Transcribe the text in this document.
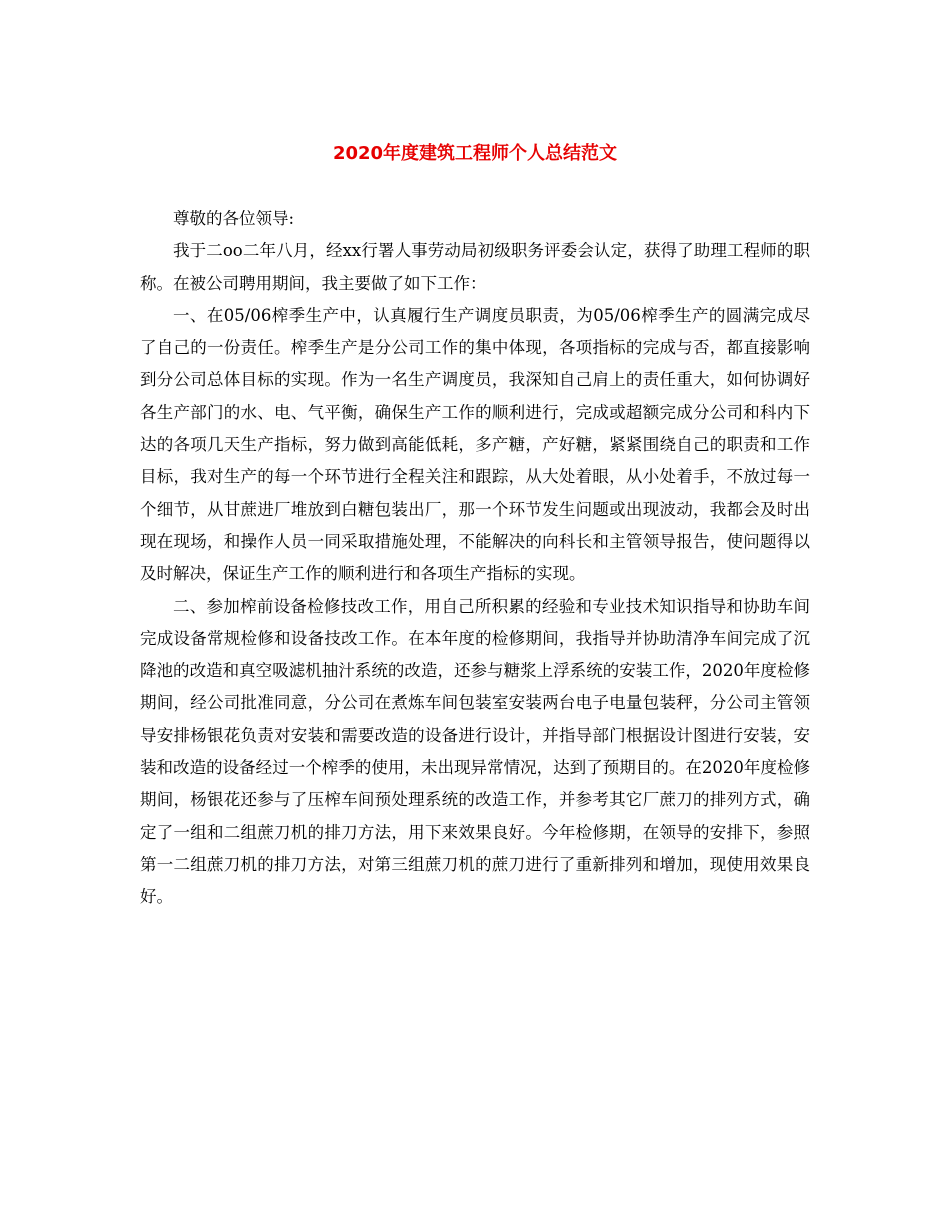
2020年度建筑工程师个人总结范文

尊敬的各位领导:

我于二oo二年八月，经xx行署人事劳动局初级职务评委会认定，获得了助理工程师的职称。在被公司聘用期间，我主要做了如下工作：

一、在05/06榨季生产中，认真履行生产调度员职责，为05/06榨季生产的圆满完成尽了自己的一份责任。榨季生产是分公司工作的集中体现，各项指标的完成与否，都直接影响到分公司总体目标的实现。作为一名生产调度员，我深知自己肩上的责任重大，如何协调好各生产部门的水、电、气平衡，确保生产工作的顺利进行，完成或超额完成分公司和科内下达的各项几天生产指标，努力做到高能低耗，多产糖，产好糖，紧紧围绕自己的职责和工作目标，我对生产的每一个环节进行全程关注和跟踪，从大处着眼，从小处着手，不放过每一个细节，从甘蔗进厂堆放到白糖包装出厂，那一个环节发生问题或出现波动，我都会及时出现在现场，和操作人员一同采取措施处理，不能解决的向科长和主管领导报告，使问题得以及时解决，保证生产工作的顺利进行和各项生产指标的实现。

二、参加榨前设备检修技改工作，用自己所积累的经验和专业技术知识指导和协助车间完成设备常规检修和设备技改工作。在本年度的检修期间，我指导并协助清净车间完成了沉降池的改造和真空吸滤机抽汁系统的改造，还参与糖浆上浮系统的安装工作，2020年度检修期间，经公司批准同意，分公司在煮炼车间包装室安装两台电子电量包装秤，分公司主管领导安排杨银花负责对安装和需要改造的设备进行设计，并指导部门根据设计图进行安装，安装和改造的设备经过一个榨季的使用，未出现异常情况，达到了预期目的。在2020年度检修期间，杨银花还参与了压榨车间预处理系统的改造工作，并参考其它厂蔗刀的排列方式，确定了一组和二组蔗刀机的排刀方法，用下来效果良好。今年检修期，在领导的安排下，参照第一二组蔗刀机的排刀方法，对第三组蔗刀机的蔗刀进行了重新排列和增加，现使用效果良好。
